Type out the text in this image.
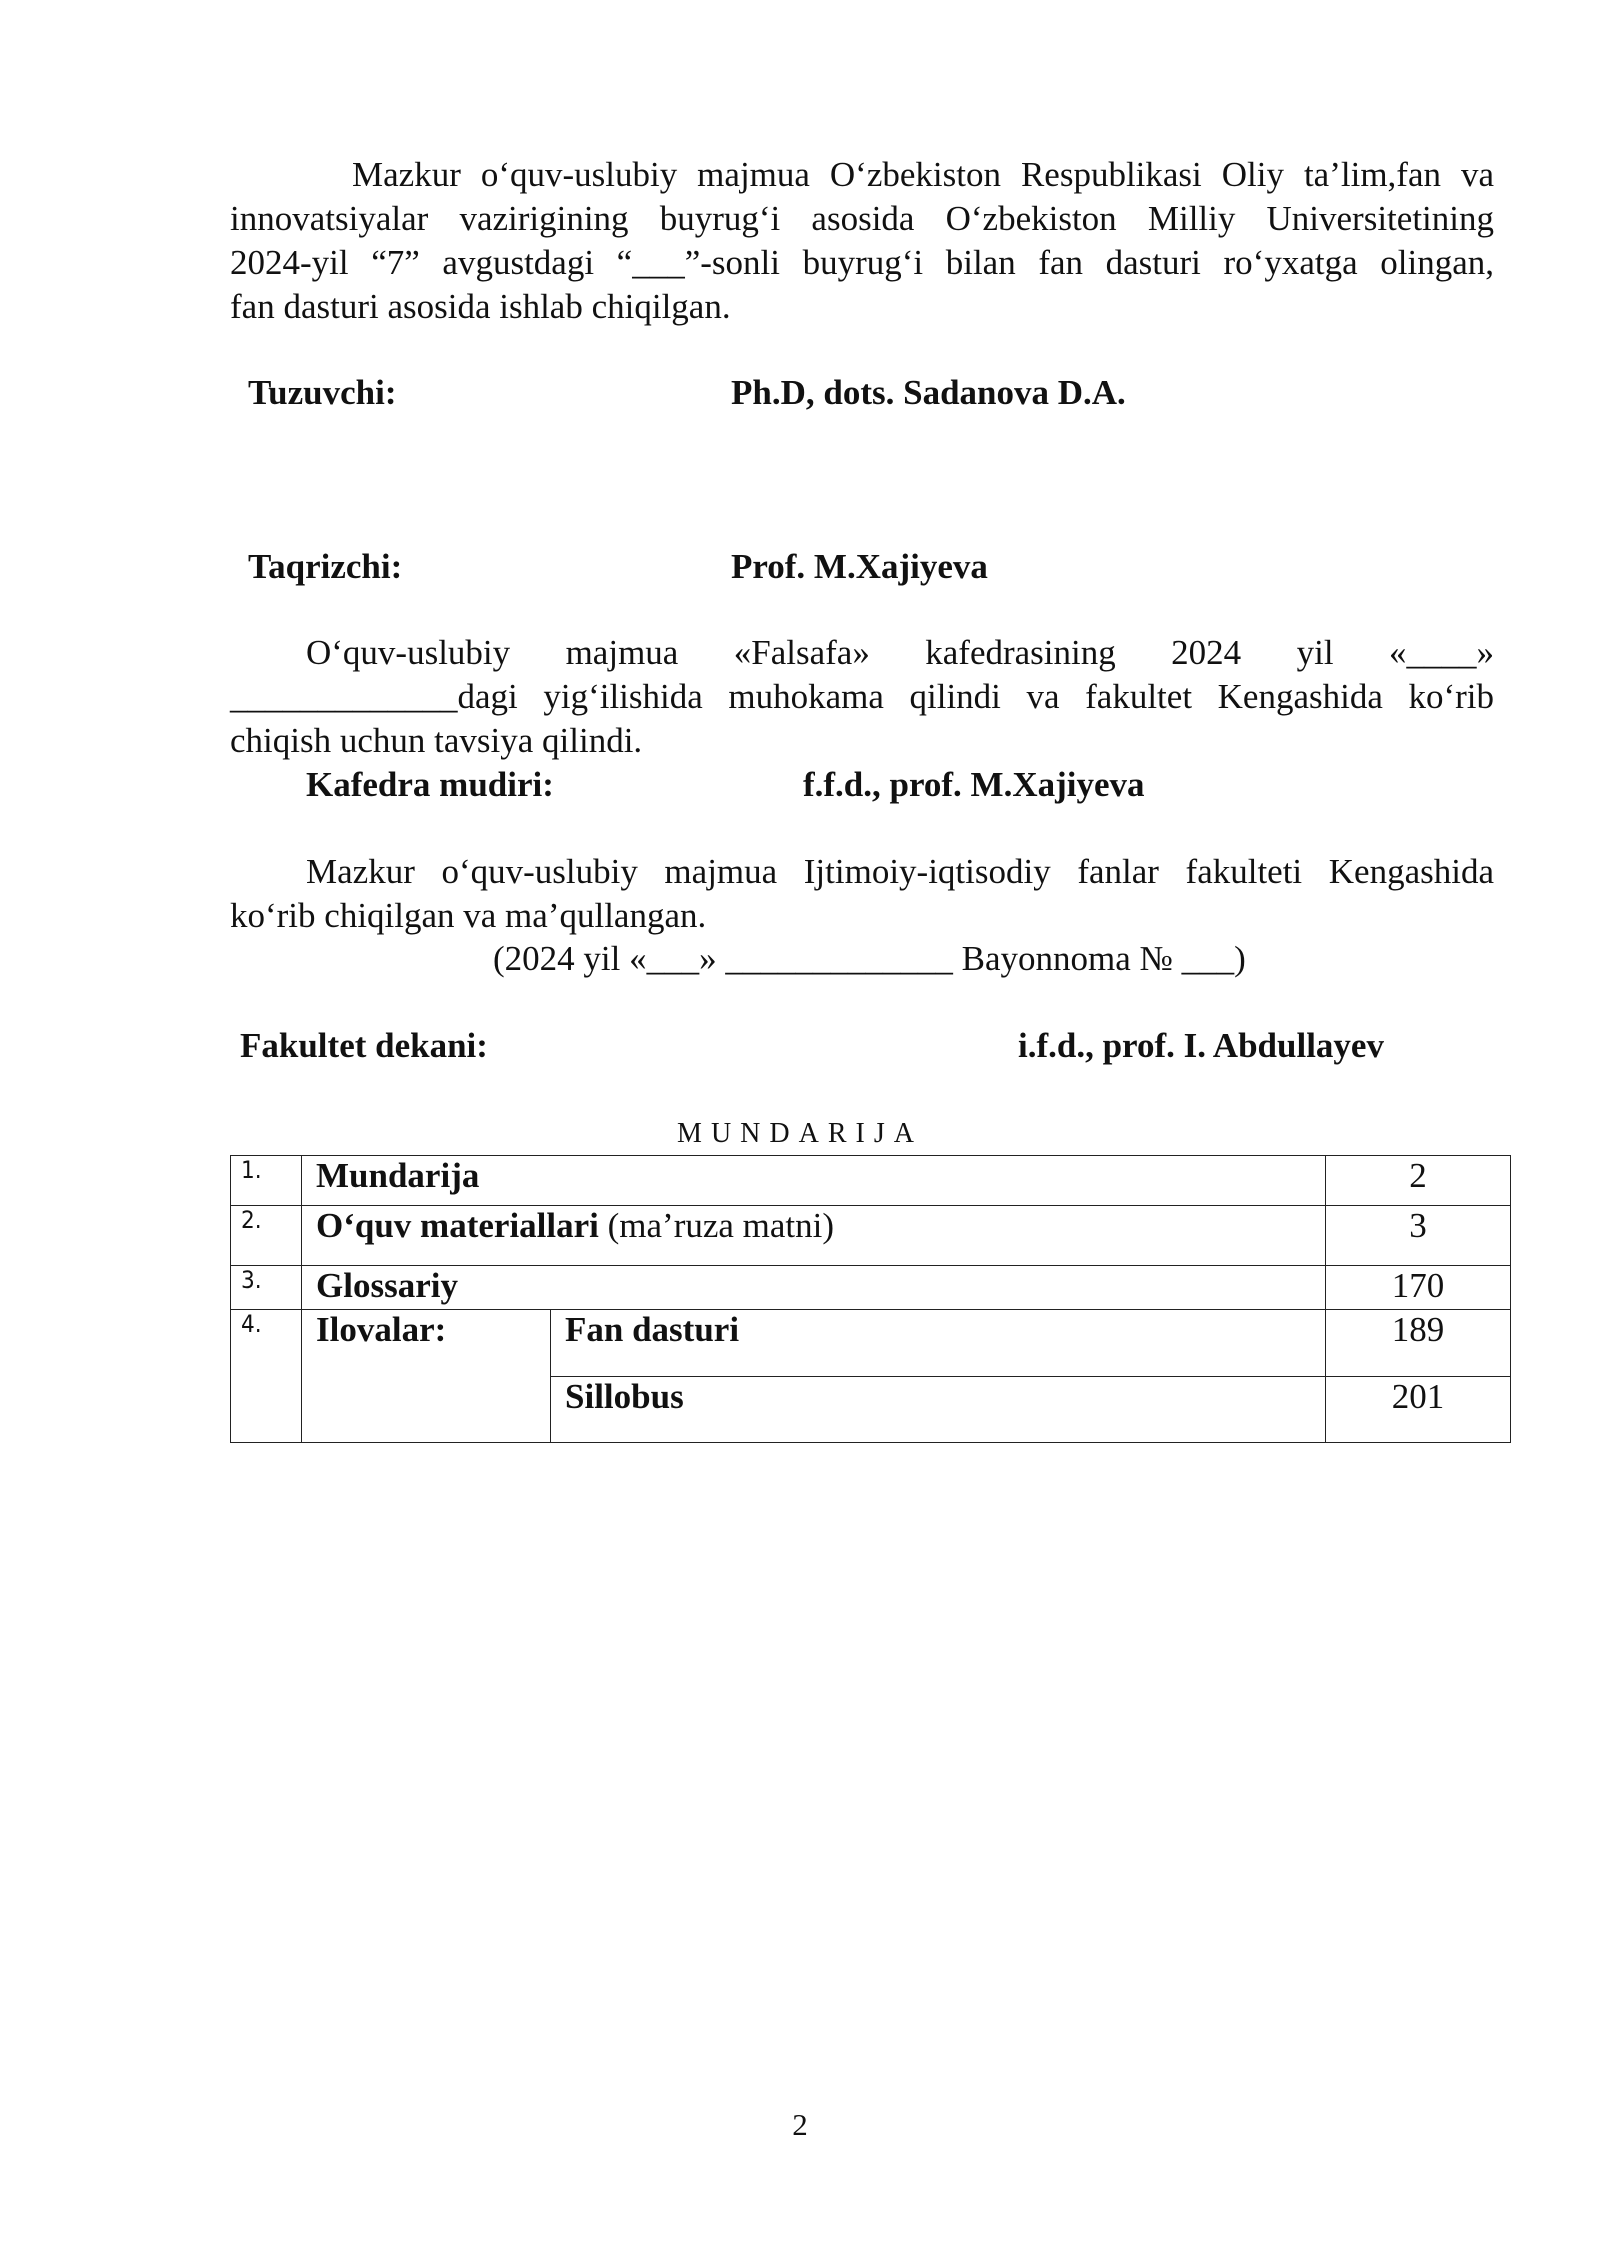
Mazkur o‘quv-uslubiy majmua O‘zbekiston Respublikasi Oliy ta’lim,fan va
innovatsiyalar vazirigining buyrug‘i asosida O‘zbekiston Milliy Universitetining
2024-yil “7” avgustdagi “___”-sonli buyrug‘i bilan fan dasturi ro‘yxatga olingan,
fan dasturi asosida ishlab chiqilgan.
Tuzuvchi:	Ph.D, dots. Sadanova D.A.
Taqrizchi:	Prof. M.Xajiyeva
O‘quv-uslubiy majmua «Falsafa» kafedrasining 2024 yil «____»
_____________dagi yig‘ilishida muhokama qilindi va fakultet Kengashida ko‘rib
chiqish uchun tavsiya qilindi.
Kafedra mudiri:	f.f.d., prof. M.Xajiyeva
Mazkur o‘quv-uslubiy majmua Ijtimoiy-iqtisodiy fanlar fakulteti Kengashida
ko‘rib chiqilgan va ma’qullangan.
(2024 yil «___» _____________ Bayonnoma № ___)
Fakultet dekani:	i.f.d., prof. I. Abdullayev
MUNDARIJA
1.	Mundarija		2
2.	O‘quv materiallari (ma’ruza matni)		3
3.	Glossariy		170
4.	Ilovalar:	Fan dasturi	189
		Sillobus	201
2
